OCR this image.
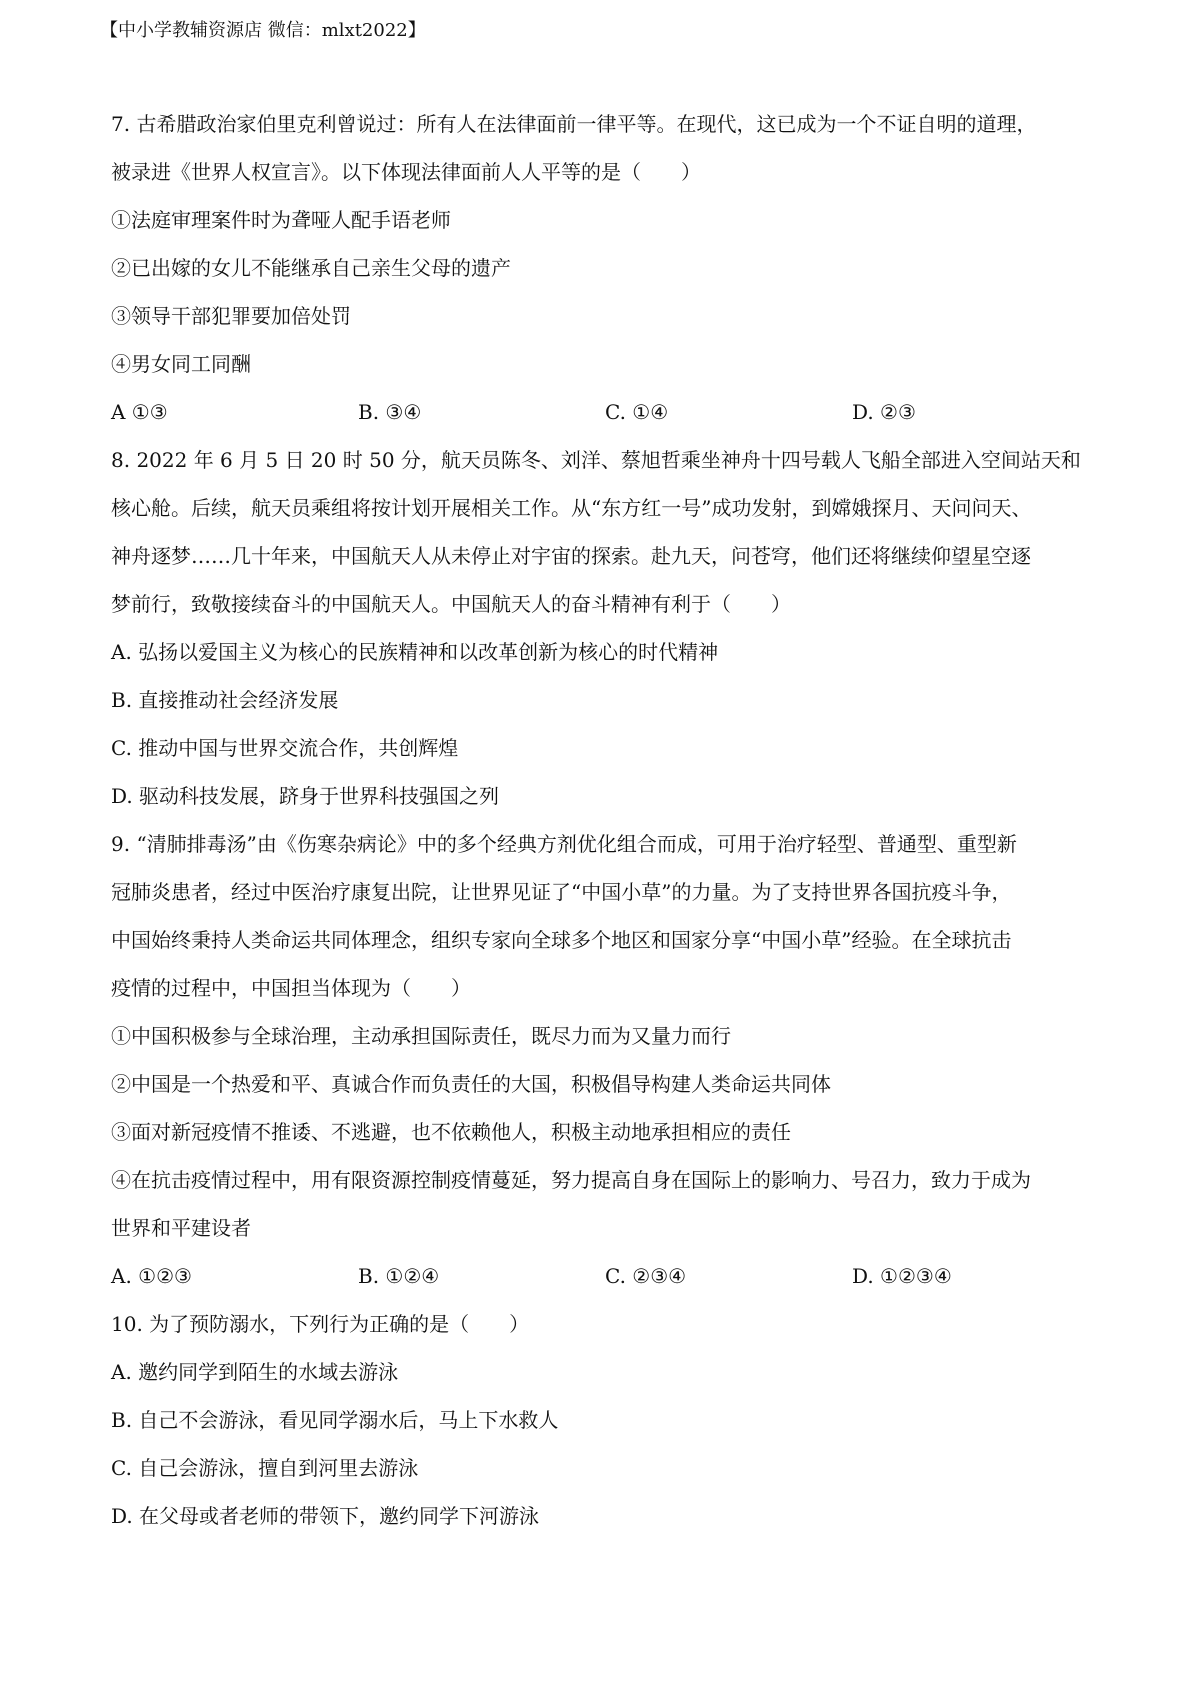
【中小学教辅资源店 微信：mlxt2022】
7. 古希腊政治家伯里克利曾说过：所有人在法律面前一律平等。在现代，这已成为一个不证自明的道理，
被录进《世界人权宣言》。以下体现法律面前人人平等的是（　　）
①法庭审理案件时为聋哑人配手语老师
②已出嫁的女儿不能继承自己亲生父母的遗产
③领导干部犯罪要加倍处罚
④男女同工同酬
A ①③	B. ③④	C. ①④	D. ②③
8. 2022 年 6 月 5 日 20 时 50 分，航天员陈冬、刘洋、蔡旭哲乘坐神舟十四号载人飞船全部进入空间站天和
核心舱。后续，航天员乘组将按计划开展相关工作。从“东方红一号”成功发射，到嫦娥探月、天问问天、
神舟逐梦……几十年来，中国航天人从未停止对宇宙的探索。赴九天，问苍穹，他们还将继续仰望星空逐
梦前行，致敬接续奋斗的中国航天人。中国航天人的奋斗精神有利于（　　）
A. 弘扬以爱国主义为核心的民族精神和以改革创新为核心的时代精神
B. 直接推动社会经济发展
C. 推动中国与世界交流合作，共创辉煌
D. 驱动科技发展，跻身于世界科技强国之列
9. “清肺排毒汤”由《伤寒杂病论》中的多个经典方剂优化组合而成，可用于治疗轻型、普通型、重型新
冠肺炎患者，经过中医治疗康复出院，让世界见证了“中国小草”的力量。为了支持世界各国抗疫斗争，
中国始终秉持人类命运共同体理念，组织专家向全球多个地区和国家分享“中国小草”经验。在全球抗击
疫情的过程中，中国担当体现为（　　）
①中国积极参与全球治理，主动承担国际责任，既尽力而为又量力而行
②中国是一个热爱和平、真诚合作而负责任的大国，积极倡导构建人类命运共同体
③面对新冠疫情不推诿、不逃避，也不依赖他人，积极主动地承担相应的责任
④在抗击疫情过程中，用有限资源控制疫情蔓延，努力提高自身在国际上的影响力、号召力，致力于成为
世界和平建设者
A. ①②③	B. ①②④	C. ②③④	D. ①②③④
10. 为了预防溺水，下列行为正确的是（　　）
A. 邀约同学到陌生的水域去游泳
B. 自己不会游泳，看见同学溺水后，马上下水救人
C. 自己会游泳，擅自到河里去游泳
D. 在父母或者老师的带领下，邀约同学下河游泳
